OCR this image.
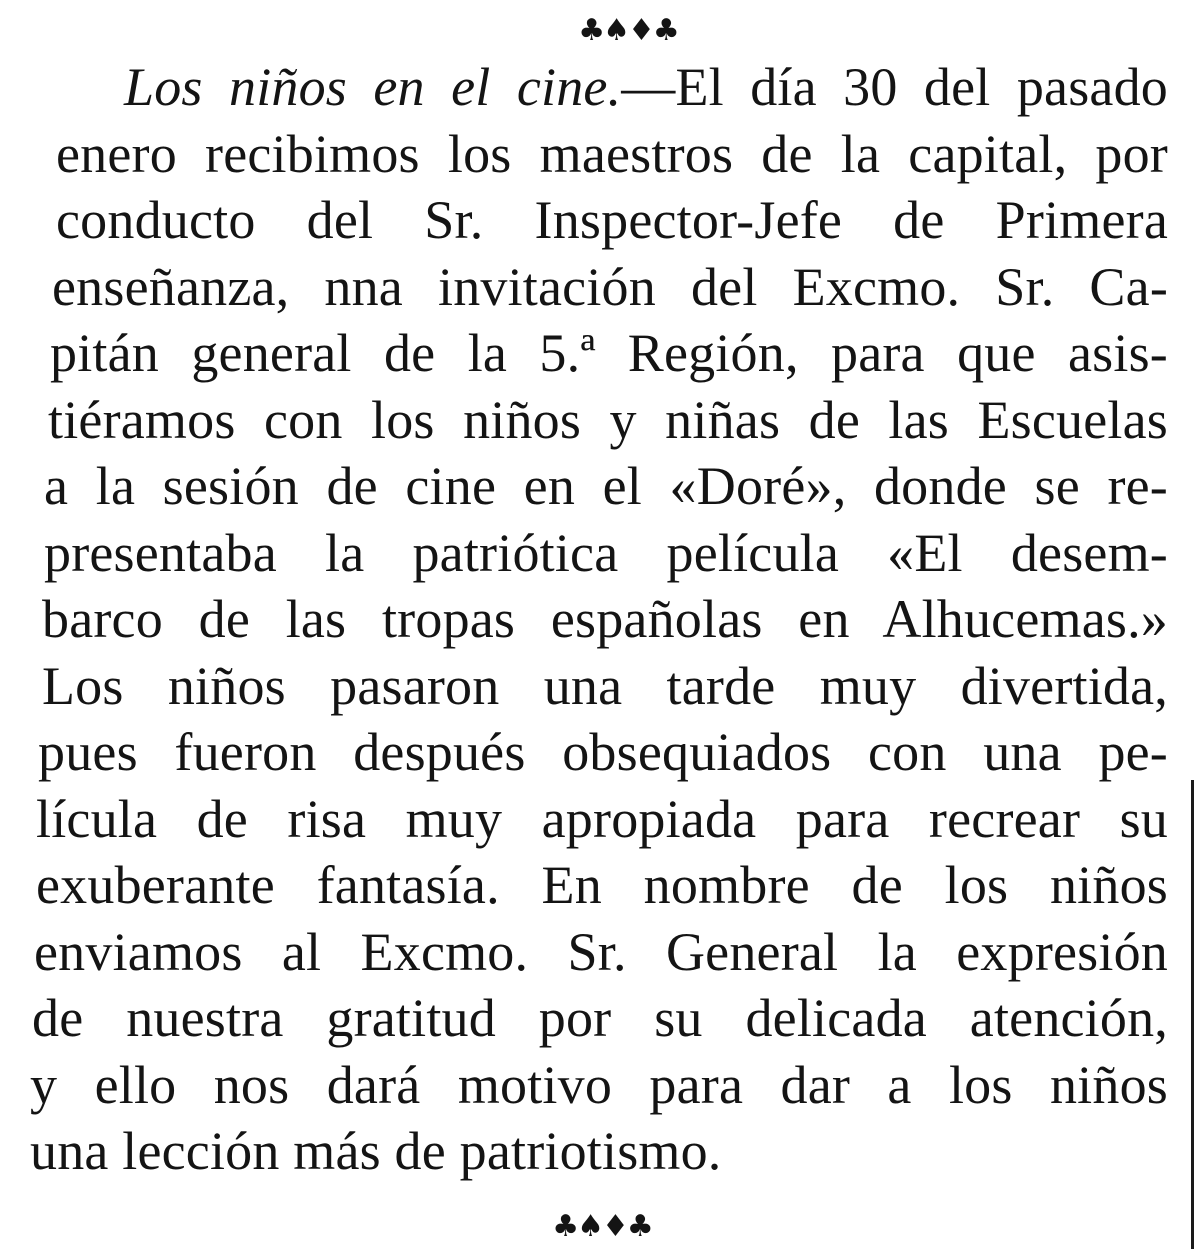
♣♠♦♣
Los niños en el cine.—El día 30 del pasado
enero recibimos los maestros de la capital, por
conducto del Sr. Inspector-Jefe de Primera
enseñanza, nna invitación del Excmo. Sr. Ca-
pitán general de la 5.ª Región, para que asis-
tiéramos con los niños y niñas de las Escuelas
a la sesión de cine en el «Doré», donde se re-
presentaba la patriótica película «El desem-
barco de las tropas españolas en Alhucemas.»
Los niños pasaron una tarde muy divertida,
pues fueron después obsequiados con una pe-
lícula de risa muy apropiada para recrear su
exuberante fantasía. En nombre de los niños
enviamos al Excmo. Sr. General la expresión
de nuestra gratitud por su delicada atención,
y ello nos dará motivo para dar a los niños
una lección más de patriotismo.
♣♠♦♣
